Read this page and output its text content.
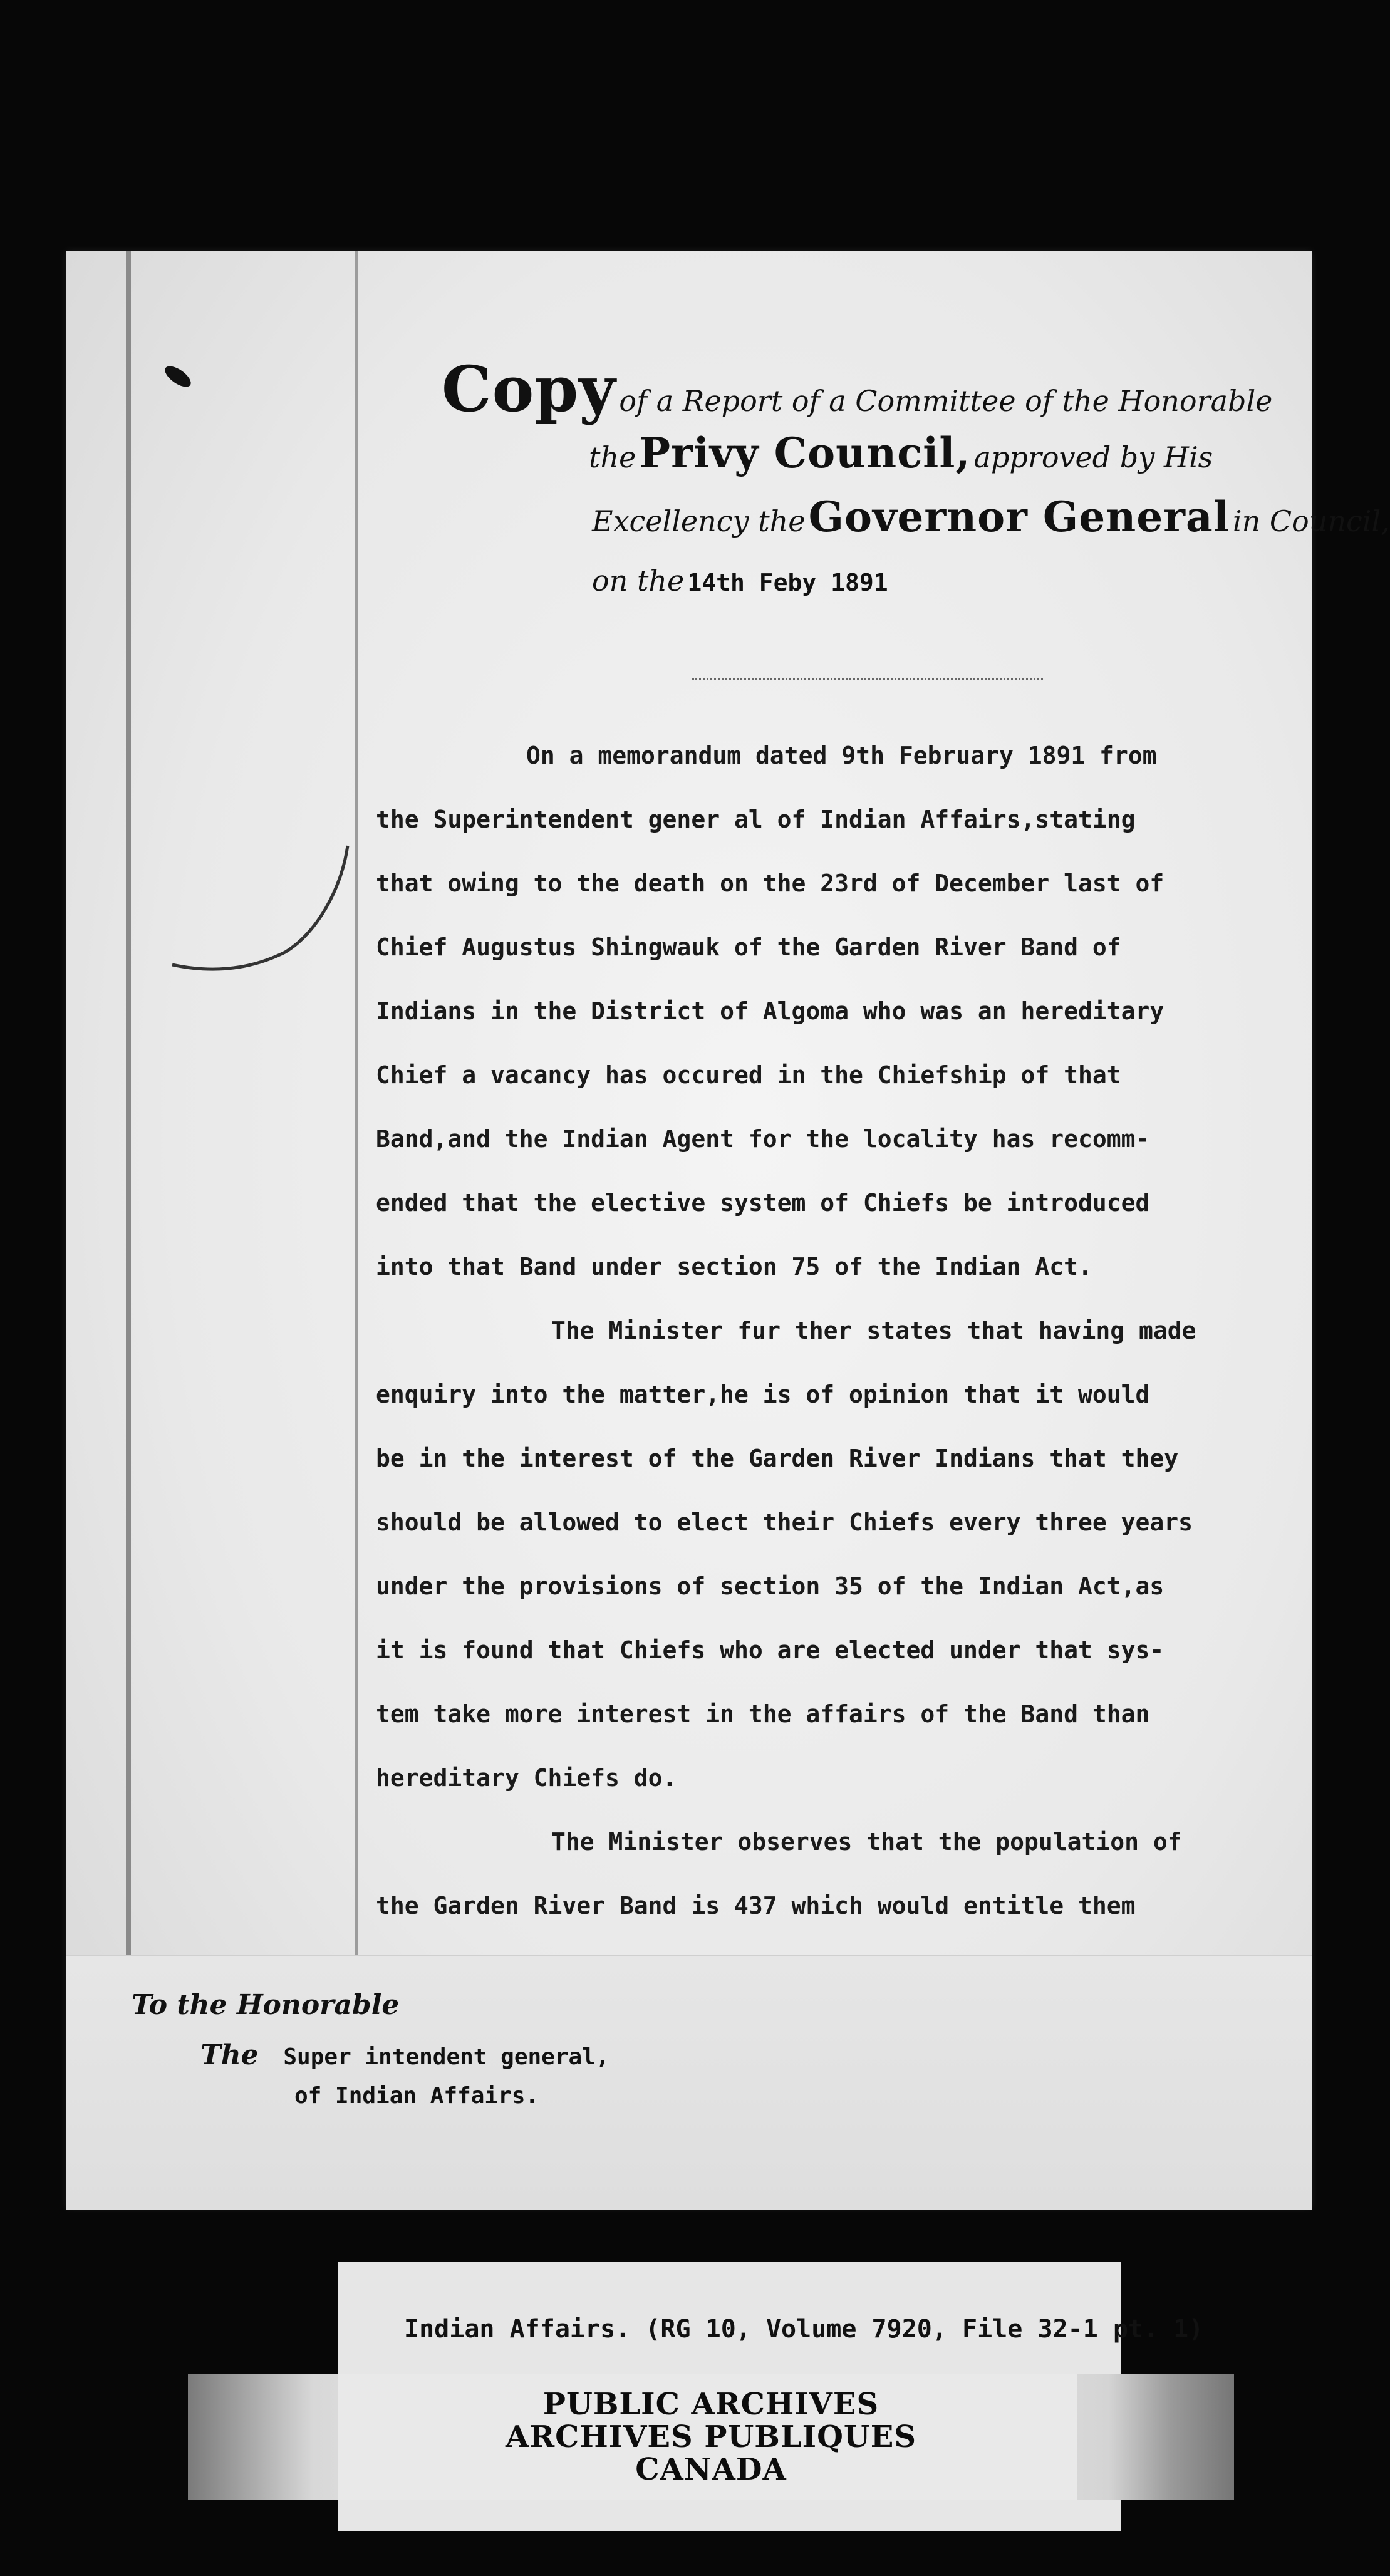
Copy of a Report of a Committee of the Honorable
the Privy Council, approved by His
Excellency the Governor General in Council,
on the 14th Feby 1891
On a memorandum dated 9th February 1891 from
the Superintendent gener al of Indian Affairs,stating
that owing to the death on the 23rd of December last of
Chief Augustus Shingwauk of the Garden River Band of
Indians in the District of Algoma who was an hereditary
Chief a vacancy has occured in the Chiefship of that
Band,and the Indian Agent for the locality has recomm-
ended that the elective system of Chiefs be introduced
into that Band under section 75 of the Indian Act.
The Minister fur ther states that having made
enquiry into the matter,he is of opinion that it would
be in the interest of the Garden River Indians that they
should be allowed to elect their Chiefs every three years
under the provisions of section 35 of the Indian Act,as
it is found that Chiefs who are elected under that sys-
tem take more interest in the affairs of the Band than
hereditary Chiefs do.
The Minister observes that the population of
the Garden River Band is 437 which would entitle them
To the Honorable
The Super intendent general,
of Indian Affairs.
Indian Affairs. (RG 10, Volume 7920, File 32-1 pt. 1)
PUBLIC ARCHIVES
ARCHIVES PUBLIQUES
CANADA
